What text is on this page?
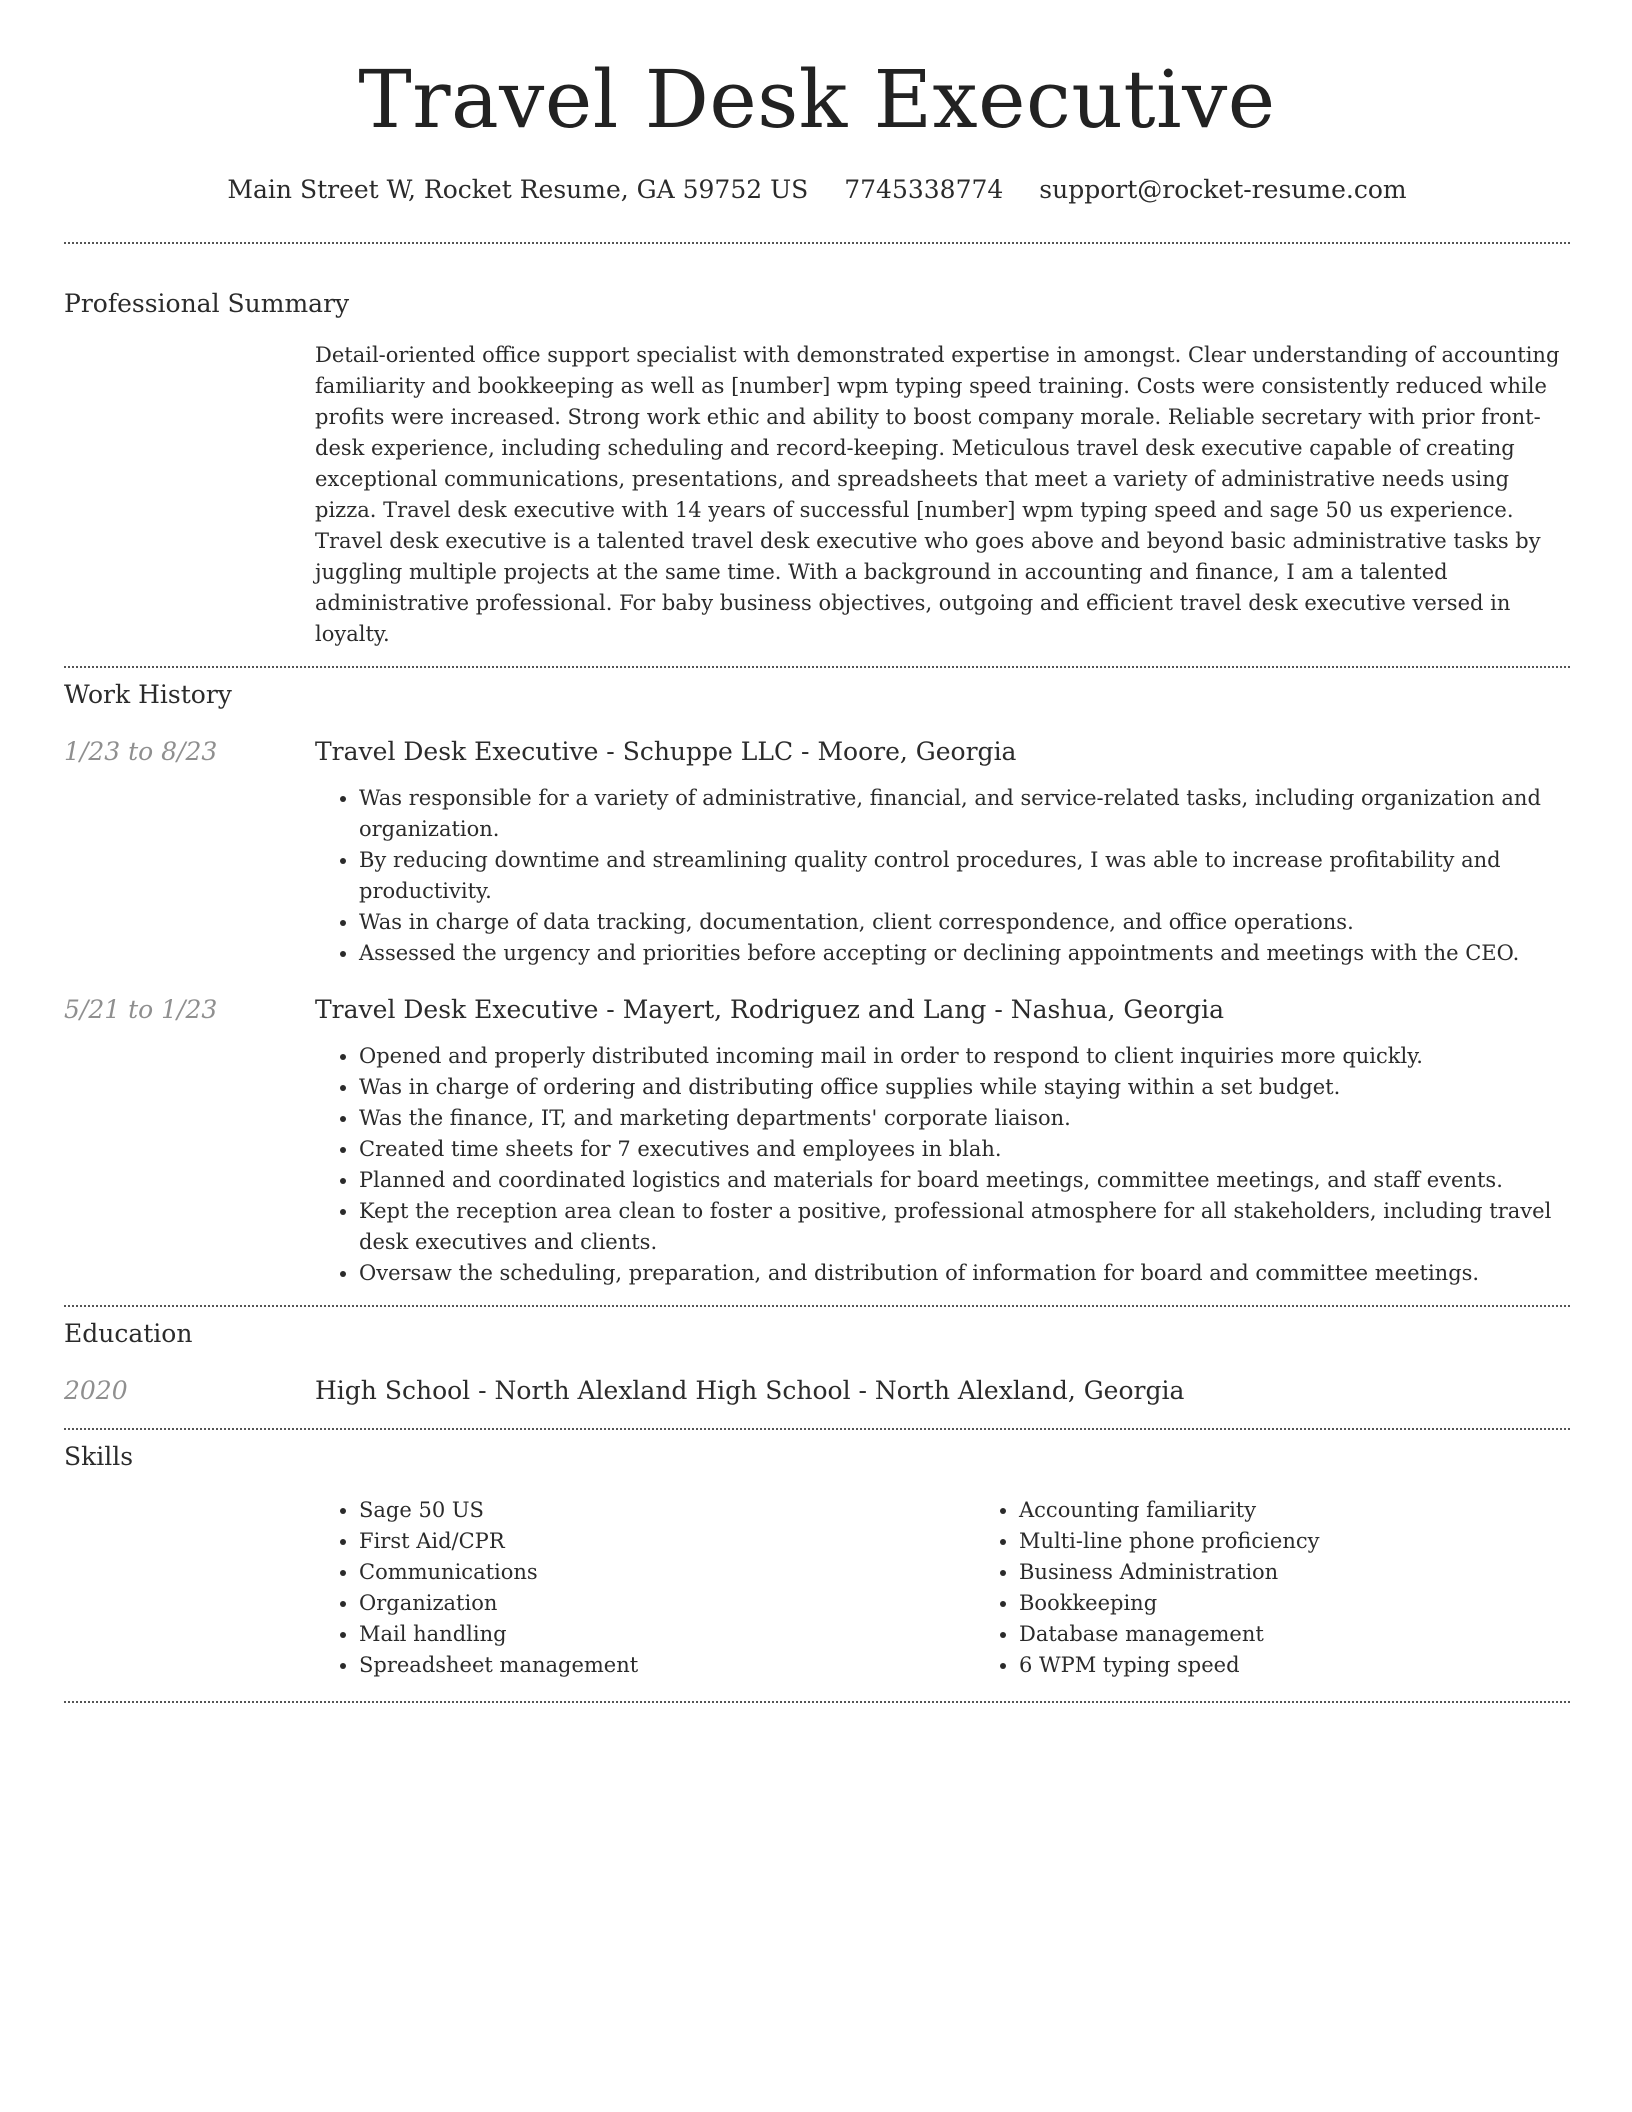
Travel Desk Executive
Main Street W, Rocket Resume, GA 59752 US 7745338774 support@rocket-resume.com
Professional Summary

Detail-oriented office support specialist with demonstrated expertise in amongst. Clear understanding of accounting familiarity and bookkeeping as well as [number] wpm typing speed training. Costs were consistently reduced while profits were increased. Strong work ethic and ability to boost company morale. Reliable secretary with prior front-desk experience, including scheduling and record-keeping. Meticulous travel desk executive capable of creating exceptional communications, presentations, and spreadsheets that meet a variety of administrative needs using pizza. Travel desk executive with 14 years of successful [number] wpm typing speed and sage 50 us experience. Travel desk executive is a talented travel desk executive who goes above and beyond basic administrative tasks by juggling multiple projects at the same time. With a background in accounting and finance, I am a talented administrative professional. For baby business objectives, outgoing and efficient travel desk executive versed in loyalty.

Work History
1/23 to 8/23	Travel Desk Executive - Schuppe LLC - Moore, Georgia
• Was responsible for a variety of administrative, financial, and service-related tasks, including organization and organization.
• By reducing downtime and streamlining quality control procedures, I was able to increase profitability and productivity.
• Was in charge of data tracking, documentation, client correspondence, and office operations.
• Assessed the urgency and priorities before accepting or declining appointments and meetings with the CEO.
5/21 to 1/23	Travel Desk Executive - Mayert, Rodriguez and Lang - Nashua, Georgia
• Opened and properly distributed incoming mail in order to respond to client inquiries more quickly.
• Was in charge of ordering and distributing office supplies while staying within a set budget.
• Was the finance, IT, and marketing departments' corporate liaison.
• Created time sheets for 7 executives and employees in blah.
• Planned and coordinated logistics and materials for board meetings, committee meetings, and staff events.
• Kept the reception area clean to foster a positive, professional atmosphere for all stakeholders, including travel desk executives and clients.
• Oversaw the scheduling, preparation, and distribution of information for board and committee meetings.
Education
2020	High School - North Alexland High School - North Alexland, Georgia
Skills
• Sage 50 US
• First Aid/CPR
• Communications
• Organization
• Mail handling
• Spreadsheet management
• Accounting familiarity
• Multi-line phone proficiency
• Business Administration
• Bookkeeping
• Database management
• 6 WPM typing speed
